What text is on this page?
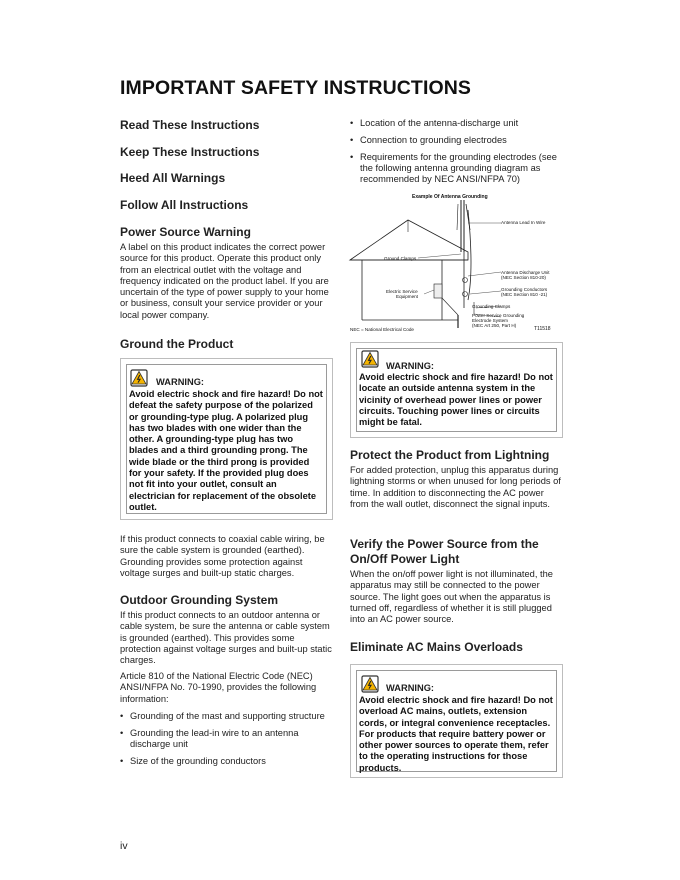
IMPORTANT SAFETY INSTRUCTIONS
Read These Instructions
Keep These Instructions
Heed All Warnings
Follow All Instructions
Power Source Warning
A label on this product indicates the correct power source for this product. Operate this product only from an electrical outlet with the voltage and frequency indicated on the product label. If you are uncertain of the type of power supply to your home or business, consult your service provider or your local power company.
Ground the Product
WARNING:
Avoid electric shock and fire hazard! Do not defeat the safety purpose of the polarized or grounding-type plug. A polarized plug has two blades with one wider than the other. A grounding-type plug has two blades and a third grounding prong. The wide blade or the third prong is provided for your safety. If the provided plug does not fit into your outlet, consult an electrician for replacement of the obsolete outlet.
If this product connects to coaxial cable wiring, be sure the cable system is grounded (earthed). Grounding provides some protection against voltage surges and built-up static charges.
Outdoor Grounding System
If this product connects to an outdoor antenna or cable system, be sure the antenna or cable system is grounded (earthed). This provides some protection against voltage surges and built-up static charges.
Article 810 of the National Electric Code (NEC) ANSI/NFPA No. 70-1990, provides the following information:
• Grounding of the mast and supporting structure
• Grounding the lead-in wire to an antenna discharge unit
• Size of the grounding conductors
• Location of the antenna-discharge unit
• Connection to grounding electrodes
• Requirements for the grounding electrodes (see the following antenna grounding diagram as recommended by NEC ANSI/NFPA 70)
Example Of Antenna Grounding
Antenna Lead In Wire
Ground Clamps
Antenna Discharge Unit
(NEC Section 810-20)
Electric Service
Equipment
Grounding Conductors
(NEC Section 810 -21)
Grounding Clamps
Power Service Grounding
Electrode System
(NEC Art 250, Part H)
NEC = National Electrical Code	T11518
WARNING:
Avoid electric shock and fire hazard! Do not locate an outside antenna system in the vicinity of overhead power lines or power circuits. Touching power lines or circuits might be fatal.
Protect the Product from Lightning
For added protection, unplug this apparatus during lightning storms or when unused for long periods of time. In addition to disconnecting the AC power from the wall outlet, disconnect the signal inputs.
Verify the Power Source from the
On/Off Power Light
When the on/off power light is not illuminated, the apparatus may still be connected to the power source. The light goes out when the apparatus is turned off, regardless of whether it is still plugged into an AC power source.
Eliminate AC Mains Overloads
WARNING:
Avoid electric shock and fire hazard! Do not overload AC mains, outlets, extension cords, or integral convenience receptacles. For products that require battery power or other power sources to operate them, refer to the operating instructions for those products.
iv
